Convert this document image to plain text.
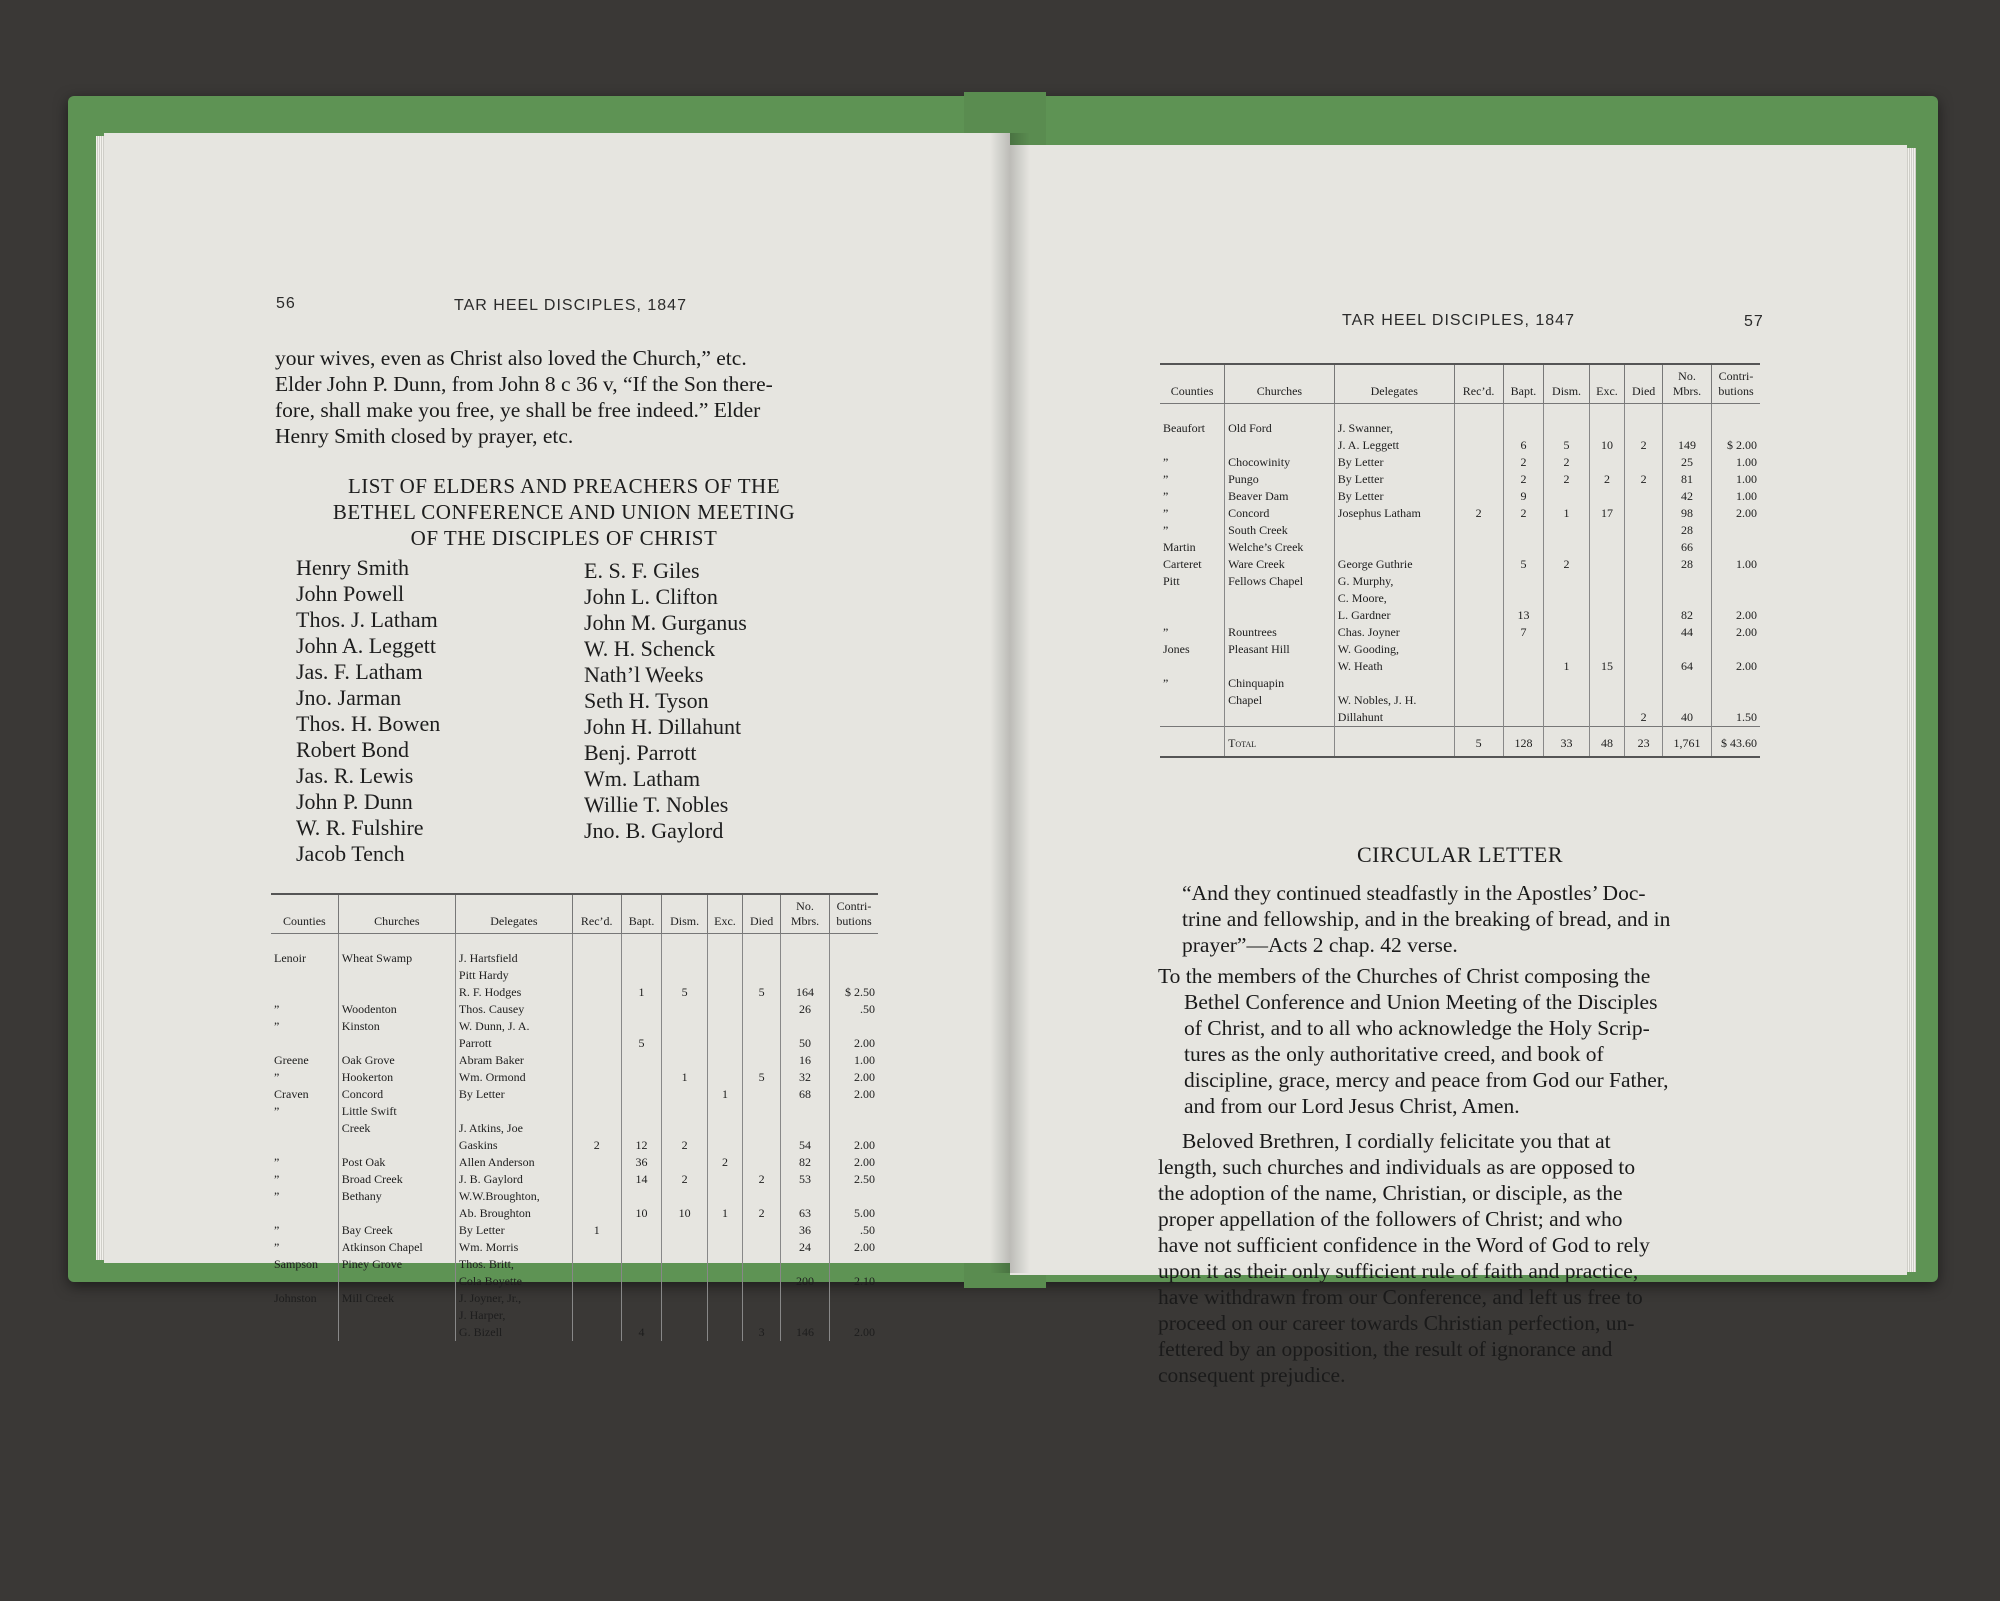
56	TAR HEEL DISCIPLES, 1847
your wives, even as Christ also loved the Church,” etc.
Elder John P. Dunn, from John 8 c 36 v, “If the Son there-
fore, shall make you free, ye shall be free indeed.” Elder
Henry Smith closed by prayer, etc.
LIST OF ELDERS AND PREACHERS OF THE
BETHEL CONFERENCE AND UNION MEETING
OF THE DISCIPLES OF CHRIST
Henry Smith
John Powell
Thos. J. Latham
John A. Leggett
Jas. F. Latham
Jno. Jarman
Thos. H. Bowen
Robert Bond
Jas. R. Lewis
John P. Dunn
W. R. Fulshire
Jacob Tench
E. S. F. Giles
John L. Clifton
John M. Gurganus
W. H. Schenck
Nath’l Weeks
Seth H. Tyson
John H. Dillahunt
Benj. Parrott
Wm. Latham
Willie T. Nobles
Jno. B. Gaylord
Counties	Churches	Delegates	Rec’d.	Bapt.	Dism.	Exc.	Died	No. Mbrs.	Contri-butions

Lenoir	Wheat Swamp	J. Hartsfield							
		Pitt Hardy							
		R. F. Hodges		1	5		5	164	$ 2.50
”	Woodenton	Thos. Causey						26	.50
”	Kinston	W. Dunn, J. A.							
		Parrott		5				50	2.00
Greene	Oak Grove	Abram Baker						16	1.00
”	Hookerton	Wm. Ormond			1		5	32	2.00
Craven	Concord	By Letter				1		68	2.00
”	Little Swift								
	Creek	J. Atkins, Joe							
		Gaskins	2	12	2			54	2.00
”	Post Oak	Allen Anderson		36		2		82	2.00
”	Broad Creek	J. B. Gaylord		14	2		2	53	2.50
”	Bethany	W.W.Broughton,							
		Ab. Broughton		10	10	1	2	63	5.00
”	Bay Creek	By Letter	1					36	.50
”	Atkinson Chapel	Wm. Morris						24	2.00
Sampson	Piney Grove	Thos. Britt,							
		Cola Boyette						200	2.10
Johnston	Mill Creek	J. Joyner, Jr.,							
		J. Harper,							
		G. Bizell		4			3	146	2.00
TAR HEEL DISCIPLES, 1847	57
Counties	Churches	Delegates	Rec’d.	Bapt.	Dism.	Exc.	Died	No. Mbrs.	Contri-butions

Beaufort	Old Ford	J. Swanner,							
		J. A. Leggett		6	5	10	2	149	$ 2.00
”	Chocowinity	By Letter		2	2			25	1.00
”	Pungo	By Letter		2	2	2	2	81	1.00
”	Beaver Dam	By Letter		9				42	1.00
”	Concord	Josephus Latham	2	2	1	17		98	2.00
”	South Creek							28	
Martin	Welche’s Creek							66	
Carteret	Ware Creek	George Guthrie		5	2			28	1.00
Pitt	Fellows Chapel	G. Murphy,							
		C. Moore,							
		L. Gardner		13				82	2.00
”	Rountrees	Chas. Joyner		7				44	2.00
Jones	Pleasant Hill	W. Gooding,							
		W. Heath			1	15		64	2.00
”	Chinquapin								
	Chapel	W. Nobles, J. H.							
		Dillahunt					2	40	1.50
	Total		5	128	33	48	23	1,761	$ 43.60
CIRCULAR LETTER
“And they continued steadfastly in the Apostles’ Doc-
trine and fellowship, and in the breaking of bread, and in
prayer”—Acts 2 chap. 42 verse.
To the members of the Churches of Christ composing the
Bethel Conference and Union Meeting of the Disciples
of Christ, and to all who acknowledge the Holy Scrip-
tures as the only authoritative creed, and book of
discipline, grace, mercy and peace from God our Father,
and from our Lord Jesus Christ, Amen.
Beloved Brethren, I cordially felicitate you that at
length, such churches and individuals as are opposed to
the adoption of the name, Christian, or disciple, as the
proper appellation of the followers of Christ; and who
have not sufficient confidence in the Word of God to rely
upon it as their only sufficient rule of faith and practice,
have withdrawn from our Conference, and left us free to
proceed on our career towards Christian perfection, un-
fettered by an opposition, the result of ignorance and
consequent prejudice.
